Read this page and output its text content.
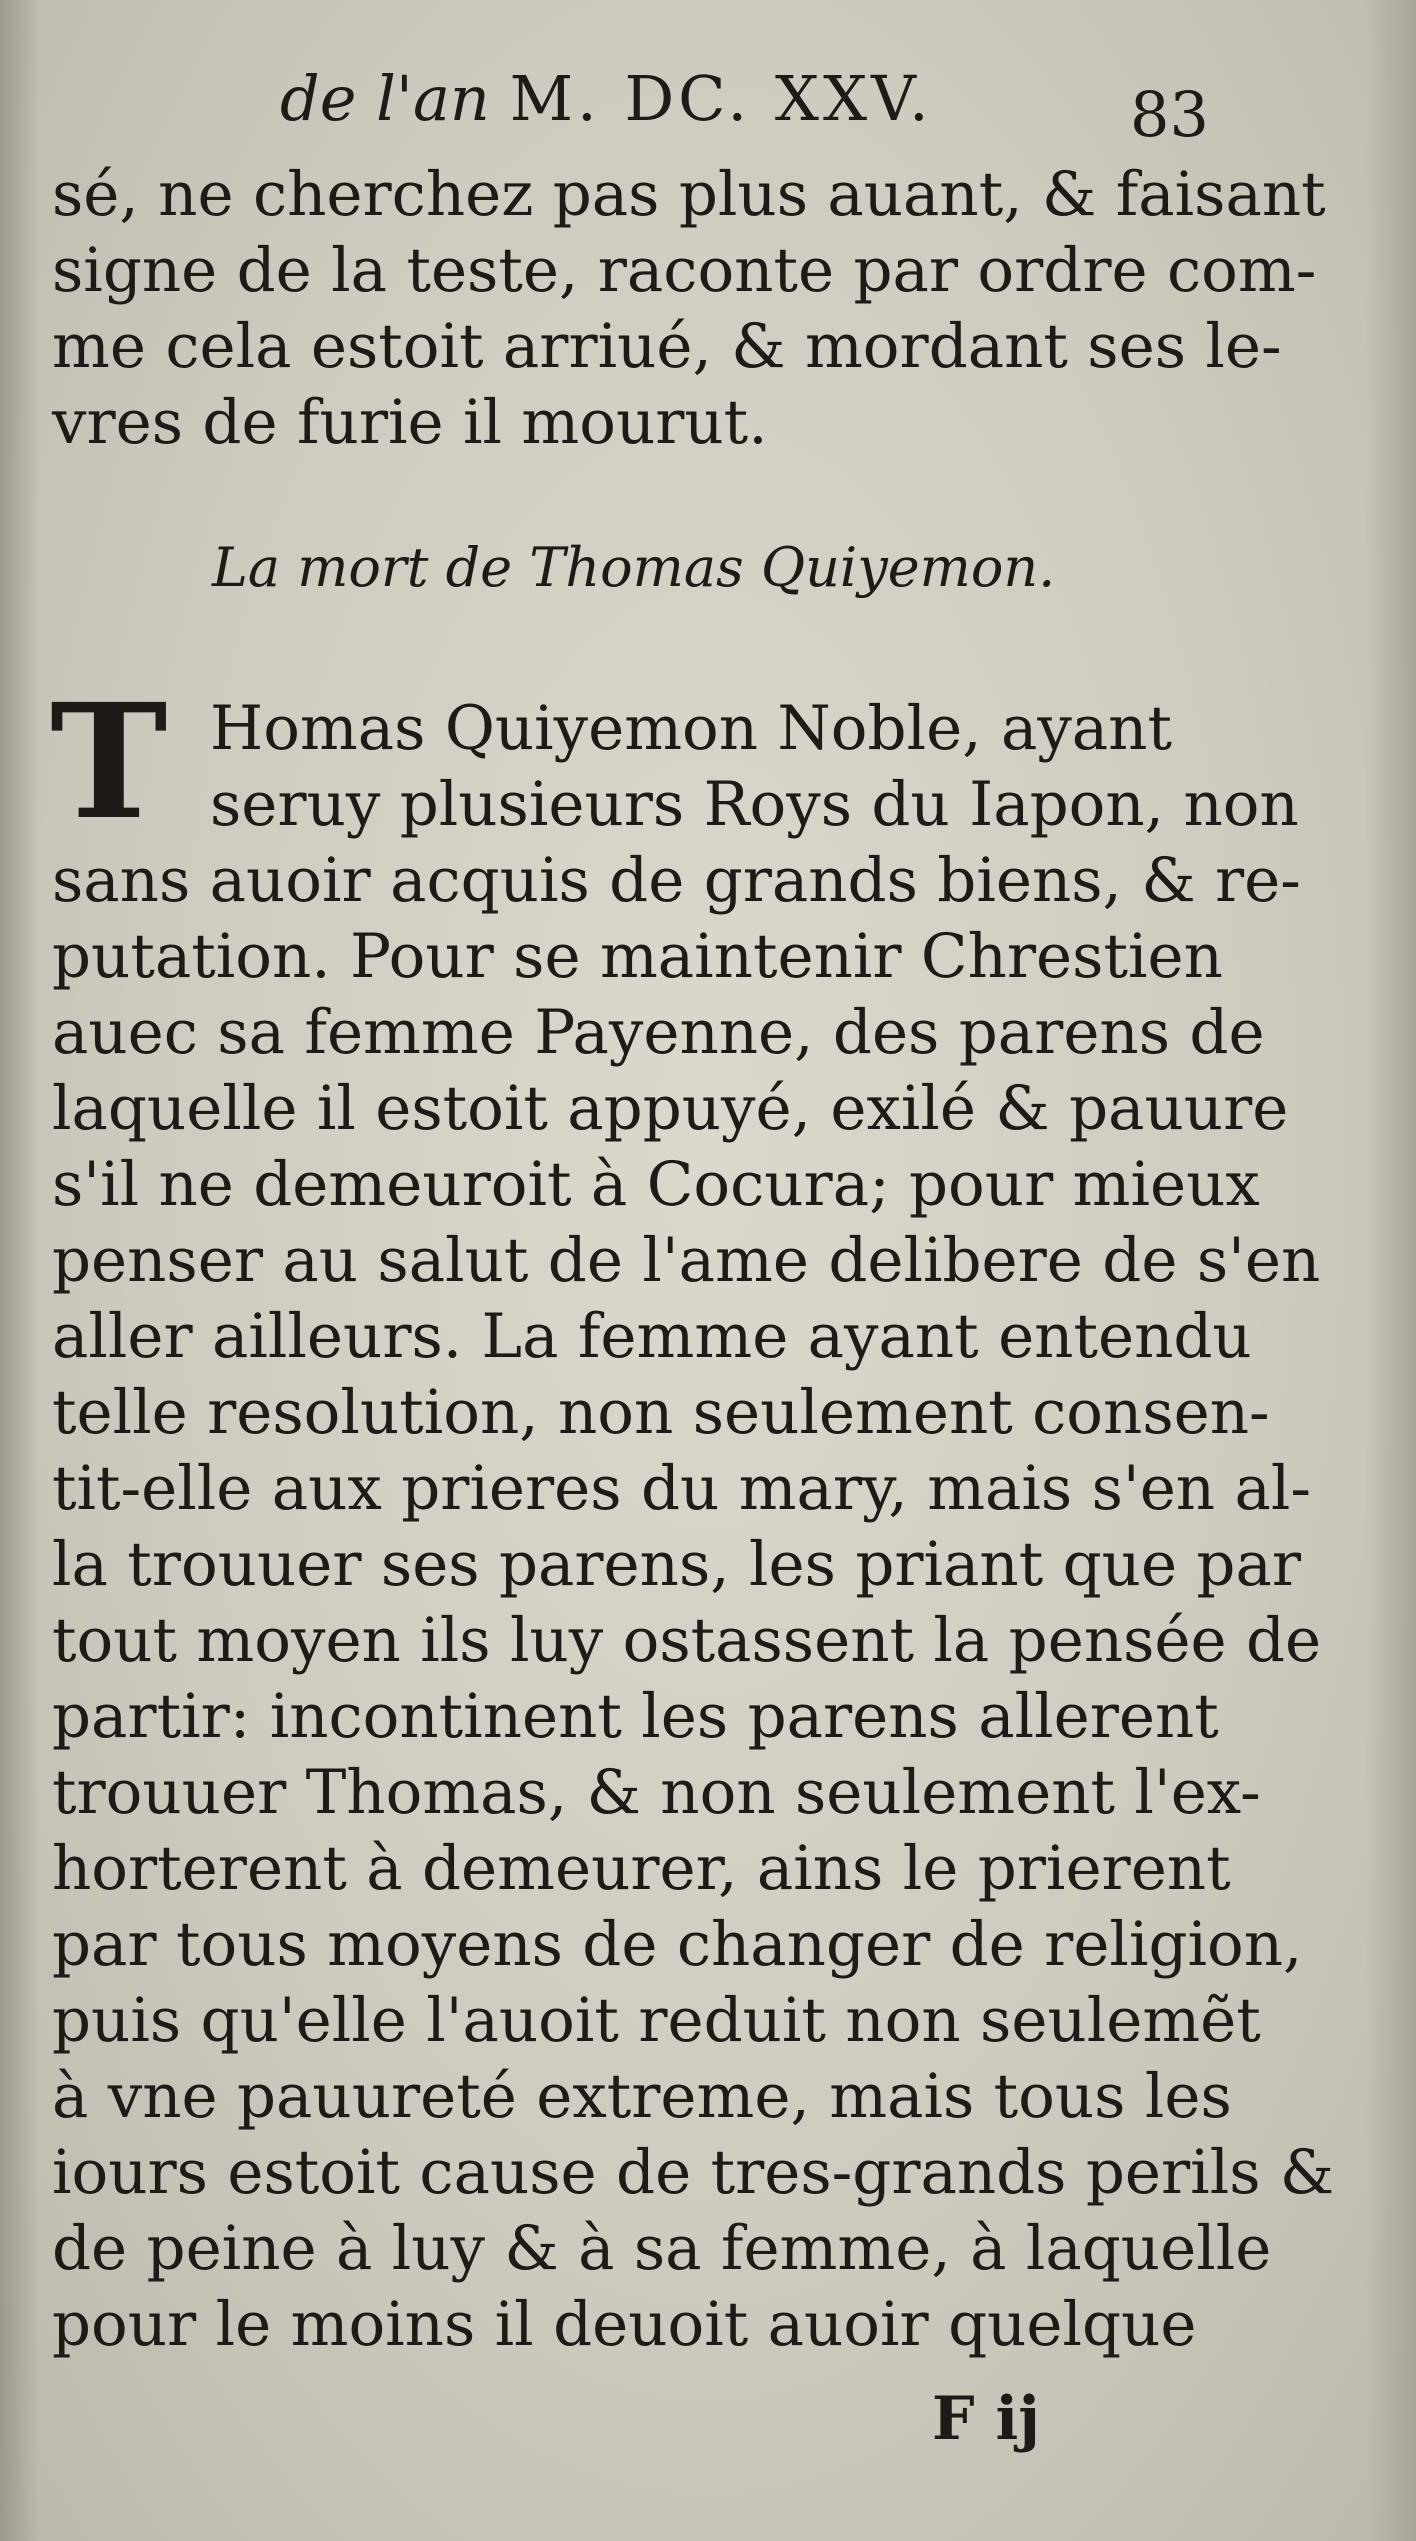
de l'an M. DC. XXV.	83
sé, ne cherchez pas plus auant, & faisant
signe de la teste, raconte par ordre com-
me cela estoit arriué, & mordant ses le-
vres de furie il mourut.
La mort de Thomas Quiyemon.
T Homas Quiyemon Noble, ayant
seruy plusieurs Roys du Iapon, non
sans auoir acquis de grands biens, & re-
putation. Pour se maintenir Chrestien
auec sa femme Payenne, des parens de
laquelle il estoit appuyé, exilé & pauure
s'il ne demeuroit à Cocura; pour mieux
penser au salut de l'ame delibere de s'en
aller ailleurs. La femme ayant entendu
telle resolution, non seulement consen-
tit-elle aux prieres du mary, mais s'en al-
la trouuer ses parens, les priant que par
tout moyen ils luy ostassent la pensée de
partir: incontinent les parens allerent
trouuer Thomas, & non seulement l'ex-
horterent à demeurer, ains le prierent
par tous moyens de changer de religion,
puis qu'elle l'auoit reduit non seulemẽt
à vne pauureté extreme, mais tous les
iours estoit cause de tres-grands perils &
de peine à luy & à sa femme, à laquelle
pour le moins il deuoit auoir quelque
F ij
